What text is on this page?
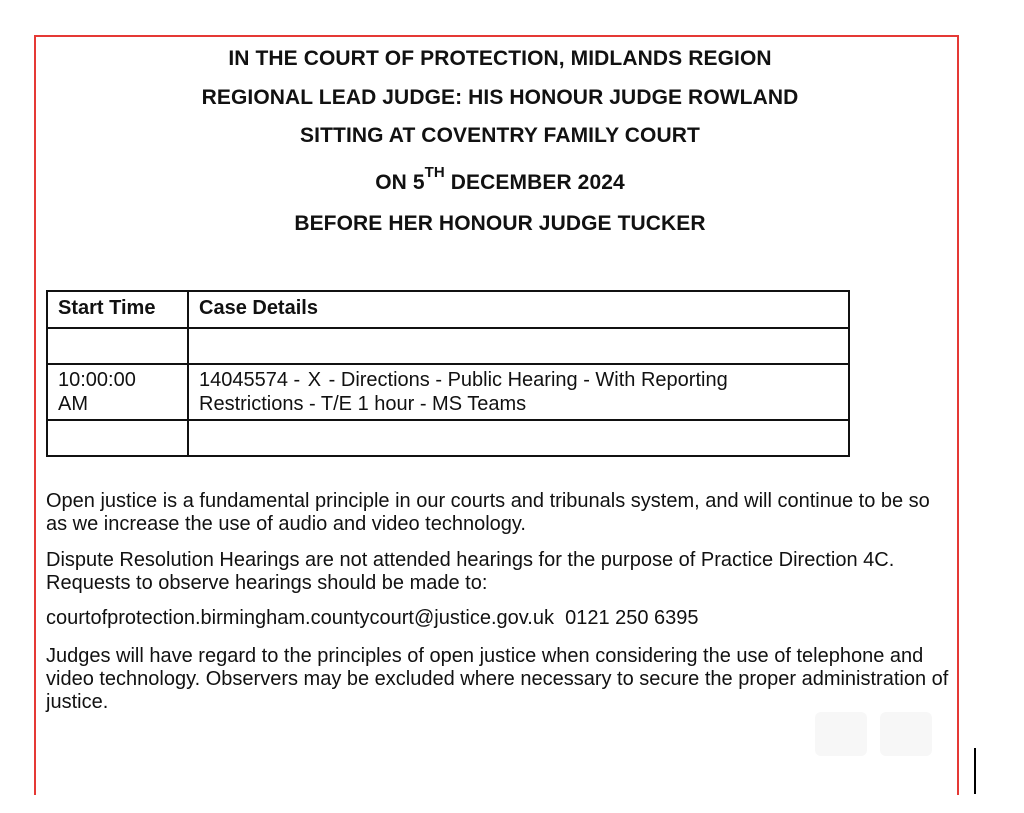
IN THE COURT OF PROTECTION, MIDLANDS REGION
REGIONAL LEAD JUDGE: HIS HONOUR JUDGE ROWLAND
SITTING AT COVENTRY FAMILY COURT
ON 5TH DECEMBER 2024
BEFORE HER HONOUR JUDGE TUCKER
Start Time	Case Details

10:00:00
AM	14045574 - X - Directions - Public Hearing - With Reporting
Restrictions - T/E 1 hour - MS Teams

Open justice is a fundamental principle in our courts and tribunals system, and will continue to be so as we increase the use of audio and video technology.
Dispute Resolution Hearings are not attended hearings for the purpose of Practice Direction 4C. Requests to observe hearings should be made to:
courtofprotection.birmingham.countycourt@justice.gov.uk 0121 250 6395
Judges will have regard to the principles of open justice when considering the use of telephone and video technology. Observers may be excluded where necessary to secure the proper administration of justice.
